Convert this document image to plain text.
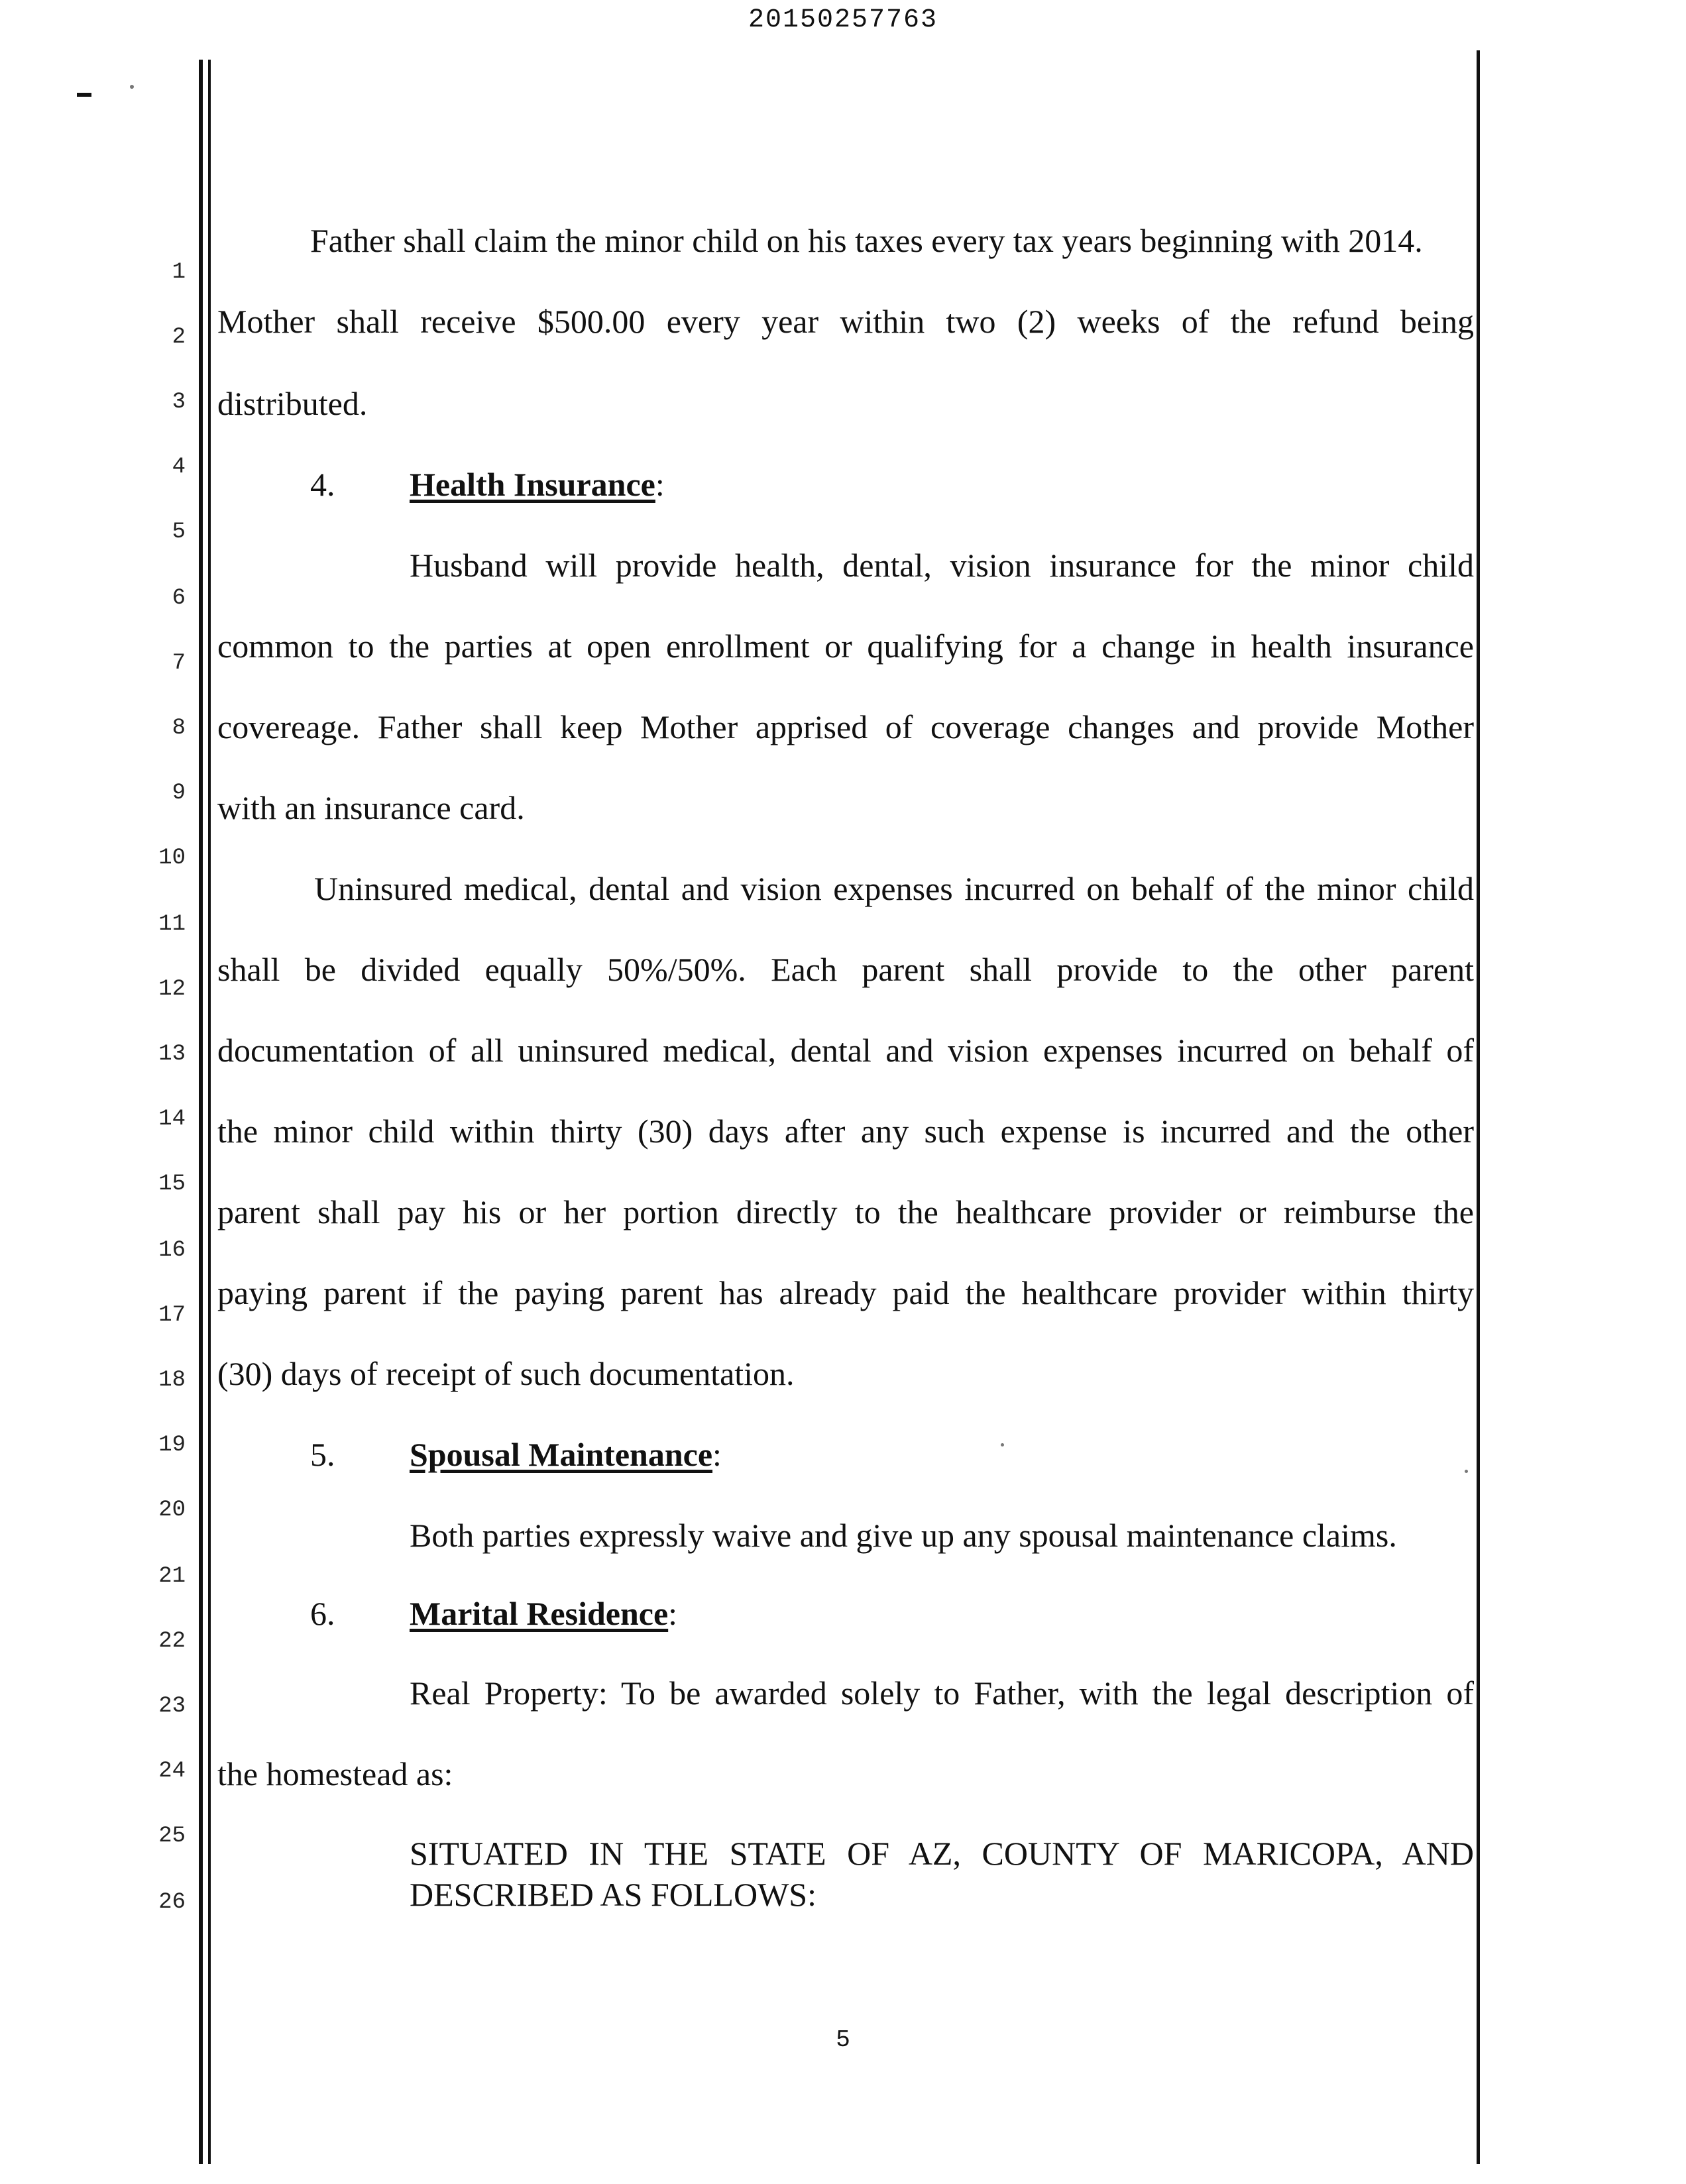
20150257763
1
2
3
4
5
6
7
8
9
10
11
12
13
14
15
16
17
18
19
20
21
22
23
24
25
26
Father shall claim the minor child on his taxes every tax years beginning with 2014.
Mother shall receive $500.00 every year within two (2) weeks of the refund being
distributed.
4. Health Insurance:
Husband will provide health, dental, vision insurance for the minor child
common to the parties at open enrollment or qualifying for a change in health insurance
covereage. Father shall keep Mother apprised of coverage changes and provide Mother
with an insurance card.
Uninsured medical, dental and vision expenses incurred on behalf of the minor child
shall be divided equally 50%/50%. Each parent shall provide to the other parent
documentation of all uninsured medical, dental and vision expenses incurred on behalf of
the minor child within thirty (30) days after any such expense is incurred and the other
parent shall pay his or her portion directly to the healthcare provider or reimburse the
paying parent if the paying parent has already paid the healthcare provider within thirty
(30) days of receipt of such documentation.
5. Spousal Maintenance:
Both parties expressly waive and give up any spousal maintenance claims.
6. Marital Residence:
Real Property: To be awarded solely to Father, with the legal description of
the homestead as:
SITUATED IN THE STATE OF AZ, COUNTY OF MARICOPA, AND
DESCRIBED AS FOLLOWS:
5
